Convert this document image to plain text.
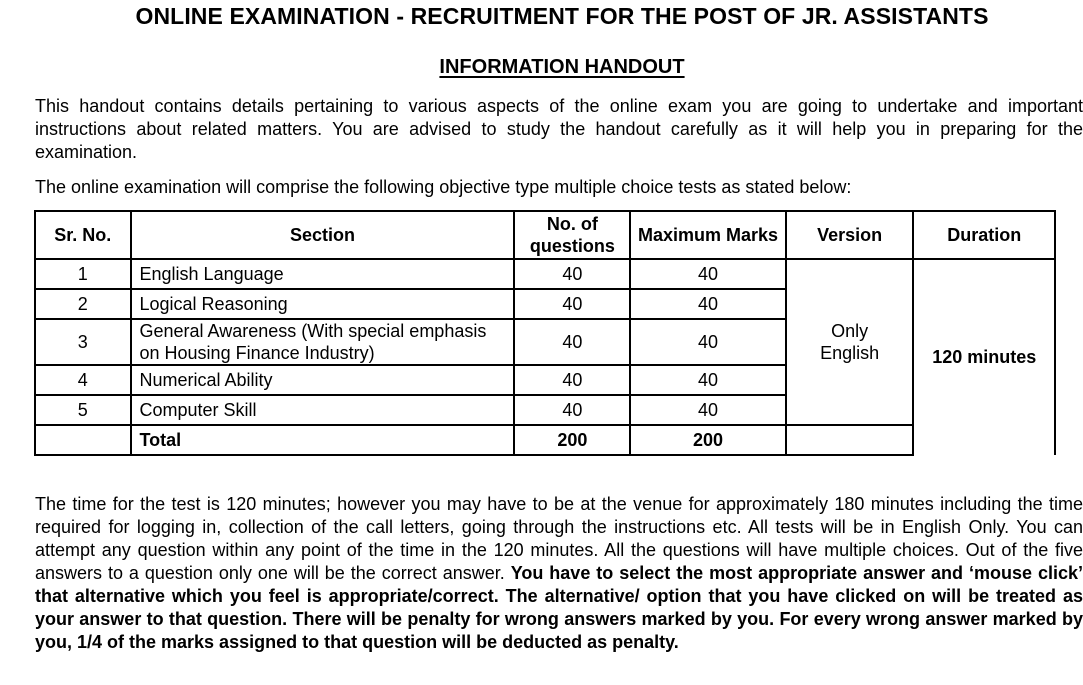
ONLINE EXAMINATION - RECRUITMENT FOR THE POST OF JR. ASSISTANTS
INFORMATION HANDOUT
This handout contains details pertaining to various aspects of the online exam you are going to undertake and important instructions about related matters. You are advised to study the handout carefully as it will help you in preparing for the examination.
The online examination will comprise the following objective type multiple choice tests as stated below:
Sr. No.	Section	No. of questions	Maximum Marks	Version	Duration
1	English Language	40	40	Only English	120 minutes
2	Logical Reasoning	40	40		
3	General Awareness (With special emphasis on Housing Finance Industry)	40	40		
4	Numerical Ability	40	40		
5	Computer Skill	40	40		
	Total	200	200		
The time for the test is 120 minutes; however you may have to be at the venue for approximately 180 minutes including the time required for logging in, collection of the call letters, going through the instructions etc. All tests will be in English Only. You can attempt any question within any point of the time in the 120 minutes. All the questions will have multiple choices. Out of the five answers to a question only one will be the correct answer. You have to select the most appropriate answer and ‘mouse click’ that alternative which you feel is appropriate/correct. The alternative/ option that you have clicked on will be treated as your answer to that question. There will be penalty for wrong answers marked by you. For every wrong answer marked by you, 1/4 of the marks assigned to that question will be deducted as penalty.
